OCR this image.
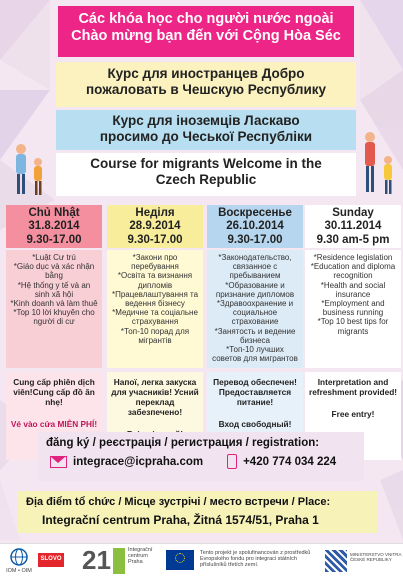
Các khóa học cho người nước ngoài
Chào mừng bạn đến với Cộng Hòa Séc
Курс для иностранцев Добро
пожаловать в Чешскую Республику
Курс для іноземців Ласкаво
просимо до Чеської Республіки
Course for migrants Welcome in the
Czech Republic
Chủ Nhật
31.8.2014
9.30-17.00
*Luật Cư trú
*Giáo dục và xác nhận bằng
*Hệ thống y tế và an sinh xã hội
*Kinh doanh và làm thuê
*Top 10 lời khuyên cho người di cư
Cung cấp phiên dịch viên!Cung cấp đồ ăn nhẹ!
Vé vào cửa MIỄN PHÍ!
Неділя
28.9.2014
9.30-17.00
*Закони про перебування
*Освіта та визнання дипломів
*Працевлаштування та ведення бізнесу
*Медичне та соціальне страхування
*Топ-10 порад для мігрантів
Напої, легка закуска для учасників! Усний переклад забезпечено!
Воскресенье
26.10.2014
9.30-17.00
*Законодательство, связанное с пребыванием
*Образование и признание дипломов
*Здравоохранение и социальное страхование
*Занятость и ведение бизнеса
*Топ-10 лучших советов для мигрантов
Перевод обеспечен! Предоставляется питание!
Вход свободный!
Sunday
30.11.2014
9.30 am-5 pm
*Residence legislation
*Education and diploma recognition
*Health and social insurance
*Employment and business running
*Top 10 best tips for migrants
Interpretation and refreshment provided!
Free entry!
đăng ký / реєстрація / регистрация / registration:
integrace@icpraha.com	+420 774 034 224
Địa điểm tổ chức / Місце зустрічі / место встречи / Place:
Integrační centrum Praha, Žitná 1574/51, Praha 1
IOM • OIM
SLOVO 21	Integrační
centrum
Praha
Tento projekt je spolufinancován z prostředků
Evropského fondu pro integraci státních
příslušníků třetích zemí.
MINISTERSTVO VNITRA
ČESKÉ REPUBLIKY
